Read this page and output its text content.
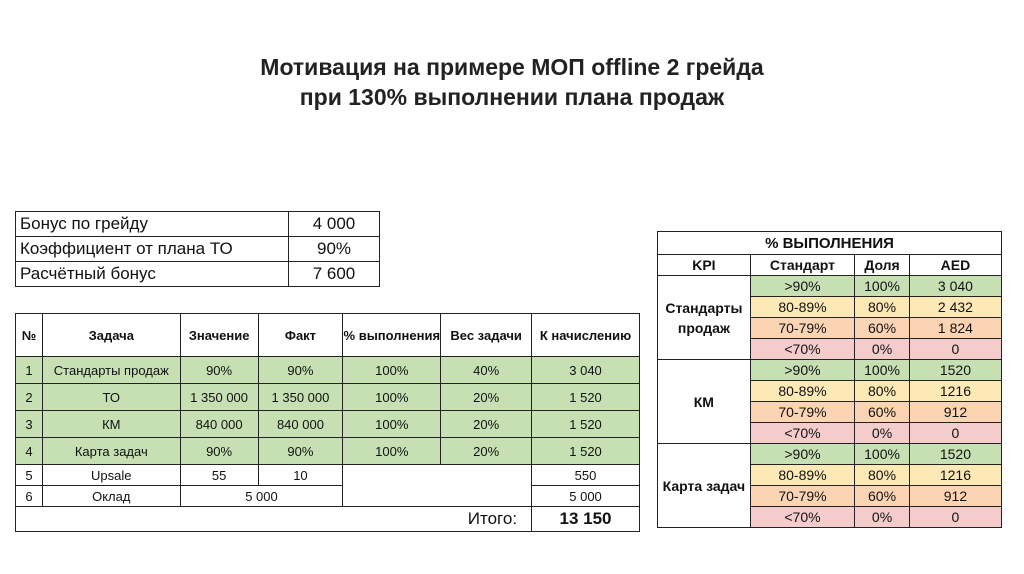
Мотивация на примере МОП offline 2 грейда
при 130% выполнении плана продаж
Бонус по грейду	4 000
Коэффициент от плана ТО	90%
Расчётный бонус	7 600
№	Задача	Значение	Факт	% выполнения	Вес задачи	К начислению
1	Стандарты продаж	90%	90%	100%	40%	3 040
2	ТО	1 350 000	1 350 000	100%	20%	1 520
3	КМ	840 000	840 000	100%	20%	1 520
4	Карта задач	90%	90%	100%	20%	1 520
5	Upsale	55	10			550
6	Оклад	5 000				5 000
Итого:						13 150
% ВЫПОЛНЕНИЯ			
KPI	Стандарт	Доля	AED
Стандарты продаж	>90%	100%	3 040
	80-89%	80%	2 432
	70-79%	60%	1 824
	<70%	0%	0
КМ	>90%	100%	1520
	80-89%	80%	1216
	70-79%	60%	912
	<70%	0%	0
Карта задач	>90%	100%	1520
	80-89%	80%	1216
	70-79%	60%	912
	<70%	0%	0
